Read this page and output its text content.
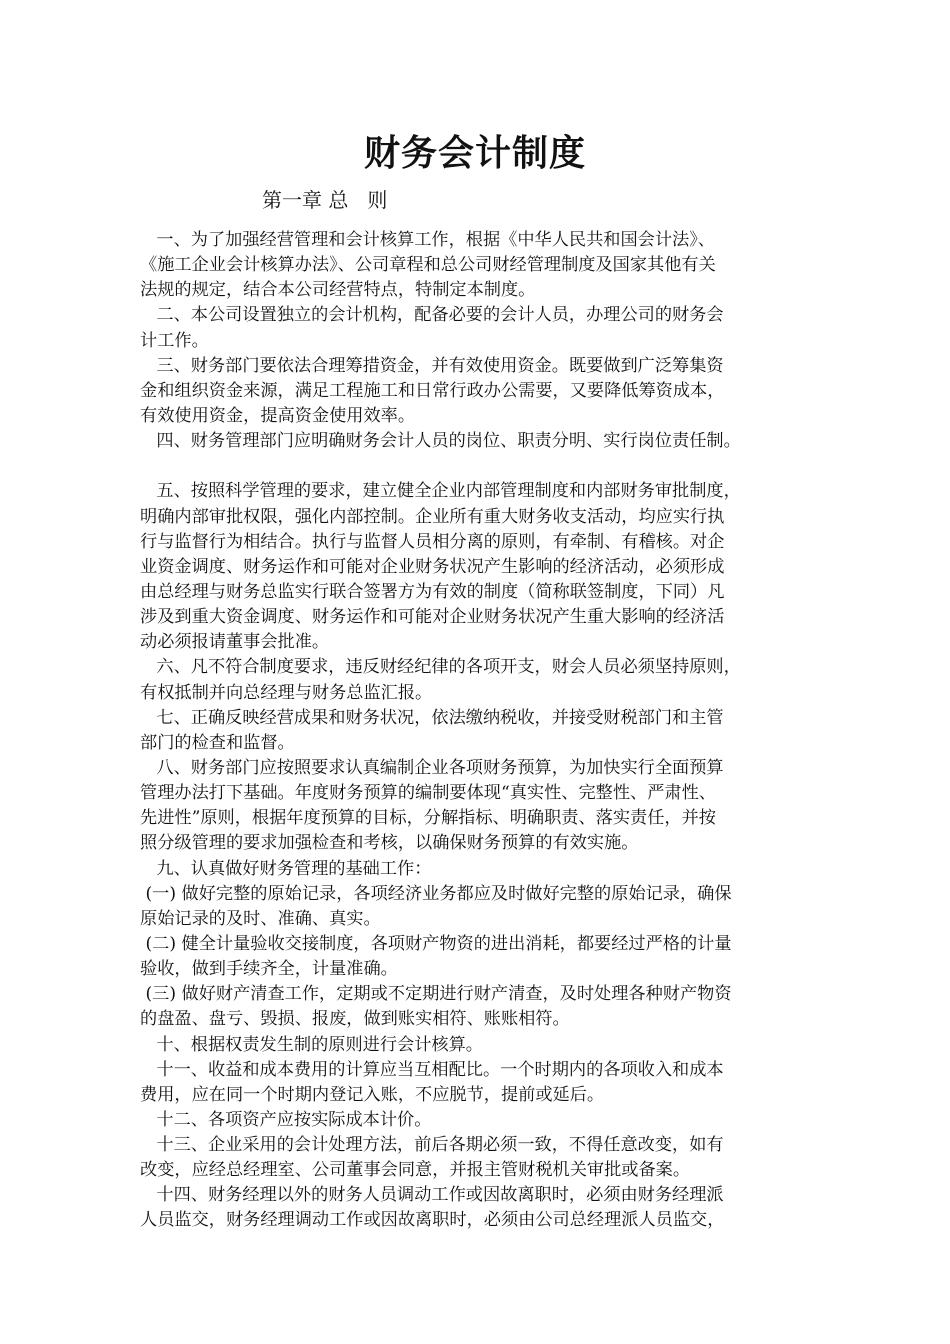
财务会计制度
第一章 总   则
一、为了加强经营管理和会计核算工作，根据《中华人民共和国会计法》、
《施工企业会计核算办法》、公司章程和总公司财经管理制度及国家其他有关
法规的规定，结合本公司经营特点，特制定本制度。
二、本公司设置独立的会计机构，配备必要的会计人员，办理公司的财务会
计工作。
三、财务部门要依法合理筹措资金，并有效使用资金。既要做到广泛筹集资
金和组织资金来源，满足工程施工和日常行政办公需要，又要降低筹资成本，
有效使用资金，提高资金使用效率。
四、财务管理部门应明确财务会计人员的岗位、职责分明、实行岗位责任制。
五、按照科学管理的要求，建立健全企业内部管理制度和内部财务审批制度，
明确内部审批权限，强化内部控制。企业所有重大财务收支活动，均应实行执
行与监督行为相结合。执行与监督人员相分离的原则，有牵制、有稽核。对企
业资金调度、财务运作和可能对企业财务状况产生影响的经济活动，必须形成
由总经理与财务总监实行联合签署方为有效的制度（简称联签制度，下同）凡
涉及到重大资金调度、财务运作和可能对企业财务状况产生重大影响的经济活
动必须报请董事会批准。
六、凡不符合制度要求，违反财经纪律的各项开支，财会人员必须坚持原则，
有权抵制并向总经理与财务总监汇报。
七、正确反映经营成果和财务状况，依法缴纳税收，并接受财税部门和主管
部门的检查和监督。
八、财务部门应按照要求认真编制企业各项财务预算，为加快实行全面预算
管理办法打下基础。年度财务预算的编制要体现“真实性、完整性、严肃性、
先进性”原则，根据年度预算的目标，分解指标、明确职责、落实责任，并按
照分级管理的要求加强检查和考核，以确保财务预算的有效实施。
九、认真做好财务管理的基础工作：
(一) 做好完整的原始记录，各项经济业务都应及时做好完整的原始记录，确保
原始记录的及时、准确、真实。
(二) 健全计量验收交接制度，各项财产物资的进出消耗，都要经过严格的计量
验收，做到手续齐全，计量准确。
(三) 做好财产清查工作，定期或不定期进行财产清查，及时处理各种财产物资
的盘盈、盘亏、毁损、报废，做到账实相符、账账相符。
十、根据权责发生制的原则进行会计核算。
十一、收益和成本费用的计算应当互相配比。一个时期内的各项收入和成本
费用，应在同一个时期内登记入账，不应脱节，提前或延后。
十二、各项资产应按实际成本计价。
十三、企业采用的会计处理方法，前后各期必须一致，不得任意改变，如有
改变，应经总经理室、公司董事会同意，并报主管财税机关审批或备案。
十四、财务经理以外的财务人员调动工作或因故离职时，必须由财务经理派
人员监交，财务经理调动工作或因故离职时，必须由公司总经理派人员监交，
